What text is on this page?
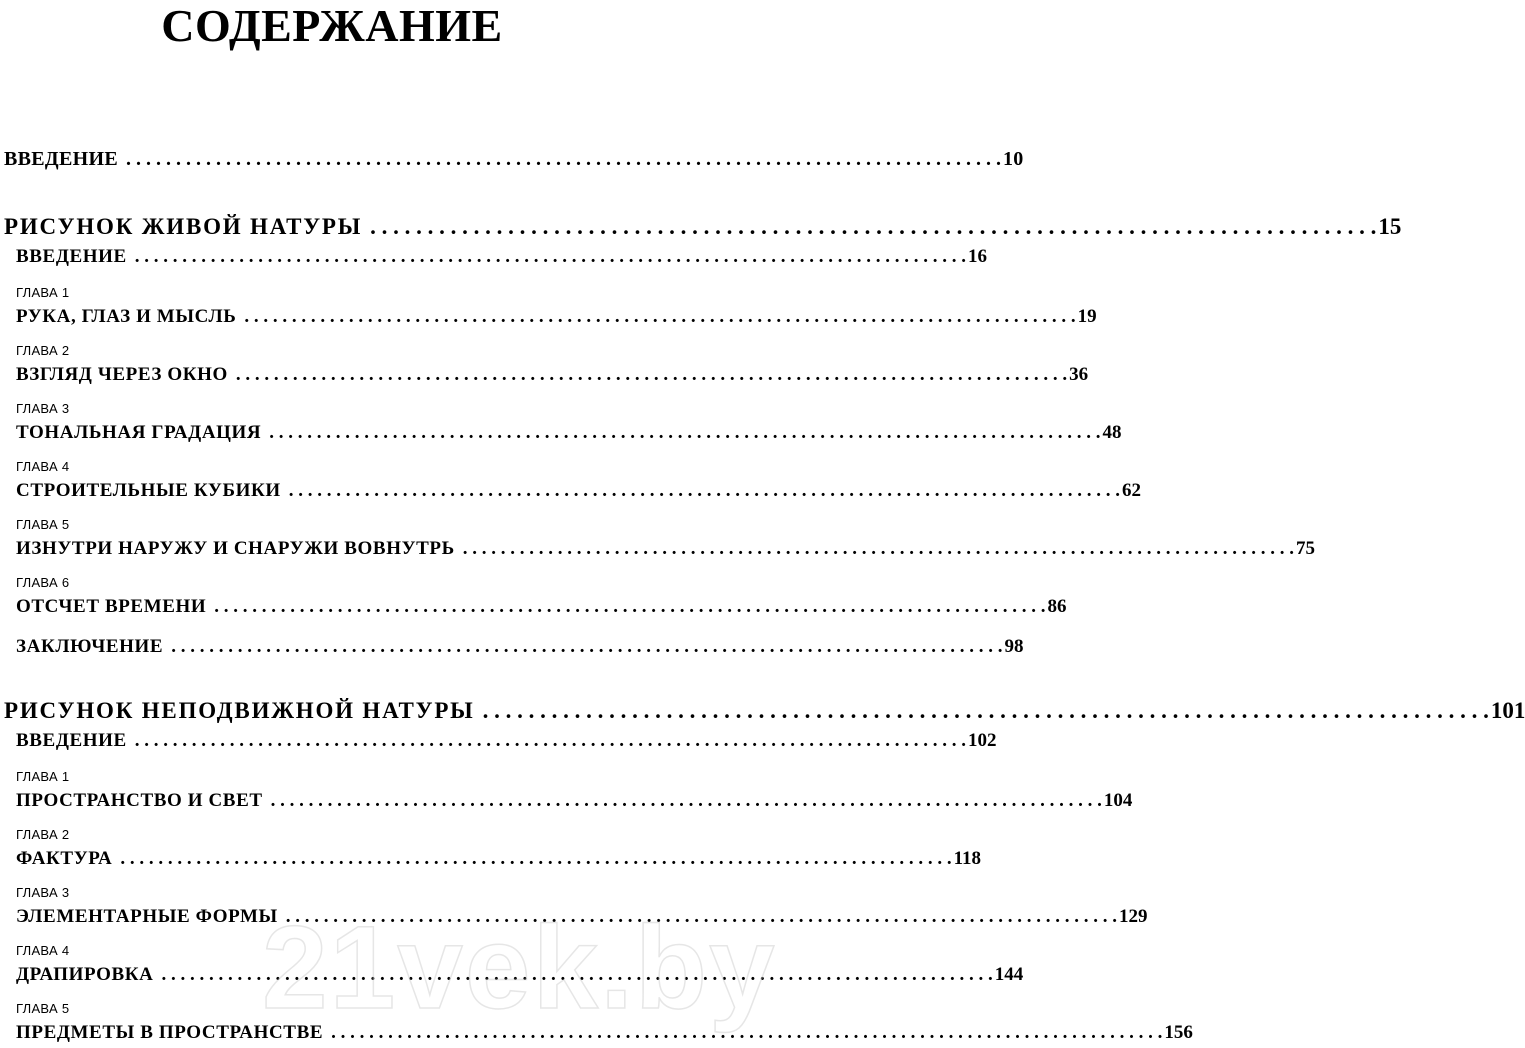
СОДЕРЖАНИЕ
ВВЕДЕНИЕ . . .	10
РИСУНОК ЖИВОЙ НАТУРЫ . . .	15
ВВЕДЕНИЕ . . .	16
ГЛАВА 1
РУКА, ГЛАЗ И МЫСЛЬ . . .	19
ГЛАВА 2
ВЗГЛЯД ЧЕРЕЗ ОКНО . . .	36
ГЛАВА 3
ТОНАЛЬНАЯ ГРАДАЦИЯ . . .	48
ГЛАВА 4
СТРОИТЕЛЬНЫЕ КУБИКИ . . .	62
ГЛАВА 5
ИЗНУТРИ НАРУЖУ И СНАРУЖИ ВОВНУТРЬ . . .	75
ГЛАВА 6
ОТСЧЕТ ВРЕМЕНИ . . .	86
ЗАКЛЮЧЕНИЕ . . .	98
РИСУНОК НЕПОДВИЖНОЙ НАТУРЫ . . .	101
ВВЕДЕНИЕ . . .	102
ГЛАВА 1
ПРОСТРАНСТВО И СВЕТ . . .	104
ГЛАВА 2
ФАКТУРА . . .	118
ГЛАВА 3
ЭЛЕМЕНТАРНЫЕ ФОРМЫ . . .	129
ГЛАВА 4
ДРАПИРОВКА . . .	144
ГЛАВА 5
ПРЕДМЕТЫ В ПРОСТРАНСТВЕ . . .	156
21vek.by
